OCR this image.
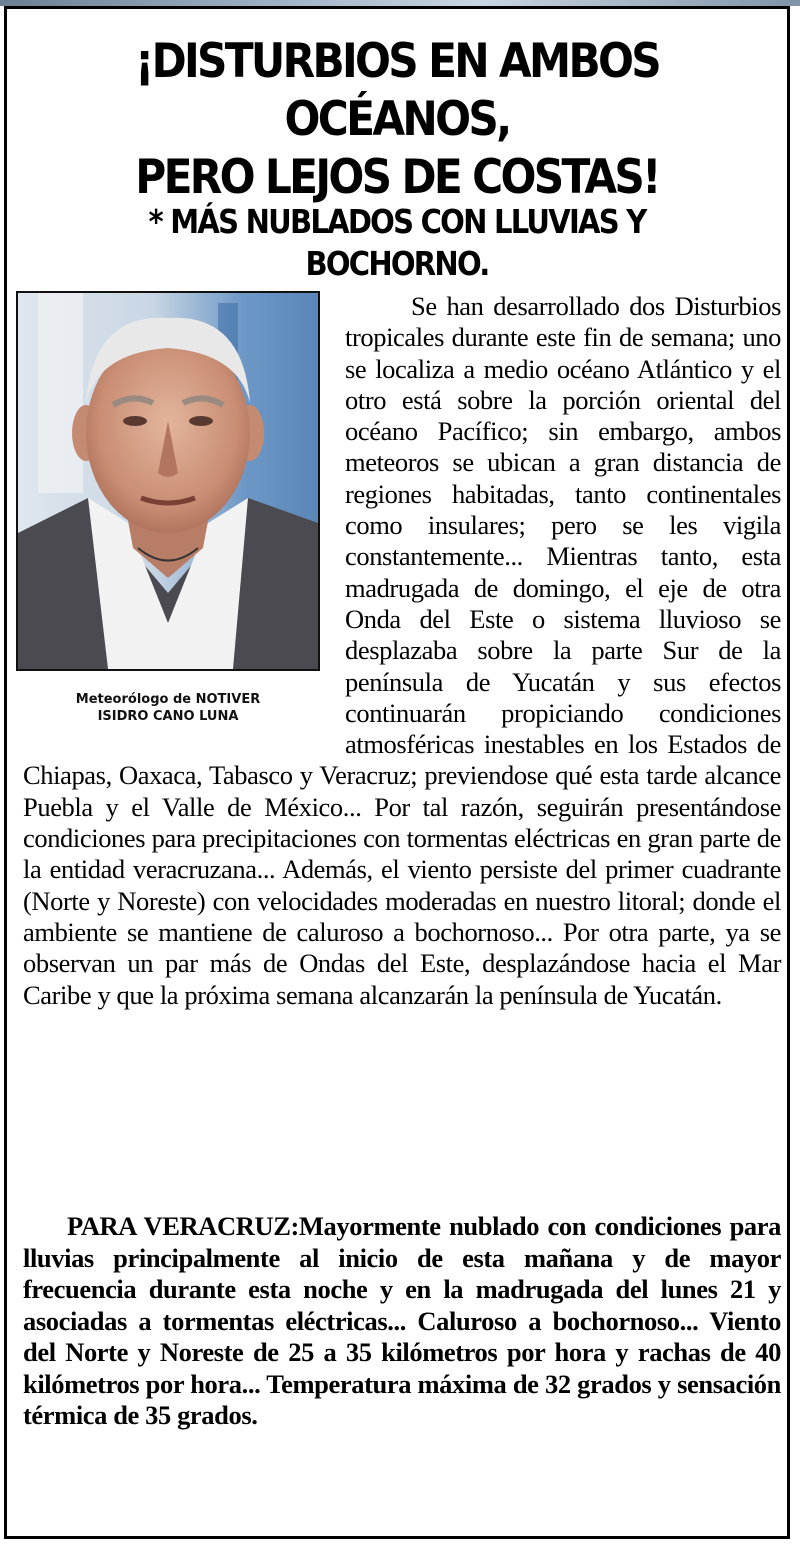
¡DISTURBIOS EN AMBOS OCÉANOS,
PERO LEJOS DE COSTAS!
* MÁS NUBLADOS CON LLUVIAS Y BOCHORNO.

Meteorólogo de NOTIVER
ISIDRO CANO LUNA

Se han desarrollado dos Disturbios tropicales durante este fin de semana; uno se localiza a medio océano Atlántico y el otro está sobre la porción oriental del océano Pacífico; sin embargo, ambos meteoros se ubican a gran distancia de regiones habitadas, tanto continentales como insulares; pero se les vigila constantemente... Mientras tanto, esta madrugada de domingo, el eje de otra Onda del Este o sistema lluvioso se desplazaba sobre la parte Sur de la península de Yucatán y sus efectos continuarán propiciando condiciones atmosféricas inestables en los Estados de Chiapas, Oaxaca, Tabasco y Veracruz; previendose qué esta tarde alcance Puebla y el Valle de México... Por tal razón, seguirán presentándose condiciones para precipitaciones con tormentas eléctricas en gran parte de la entidad veracruzana... Además, el viento persiste del primer cuadrante (Norte y Noreste) con velocidades moderadas en nuestro litoral; donde el ambiente se mantiene de caluroso a bochornoso... Por otra parte, ya se observan un par más de Ondas del Este, desplazándose hacia el Mar Caribe y que la próxima semana alcanzarán la península de Yucatán.

PARA VERACRUZ:Mayormente nublado con condiciones para lluvias principalmente al inicio de esta mañana y de mayor frecuencia durante esta noche y en la madrugada del lunes 21 y asociadas a tormentas eléctricas... Caluroso a bochornoso... Viento del Norte y Noreste de 25 a 35 kilómetros por hora y rachas de 40 kilómetros por hora... Temperatura máxima de 32 grados y sensación térmica de 35 grados.
